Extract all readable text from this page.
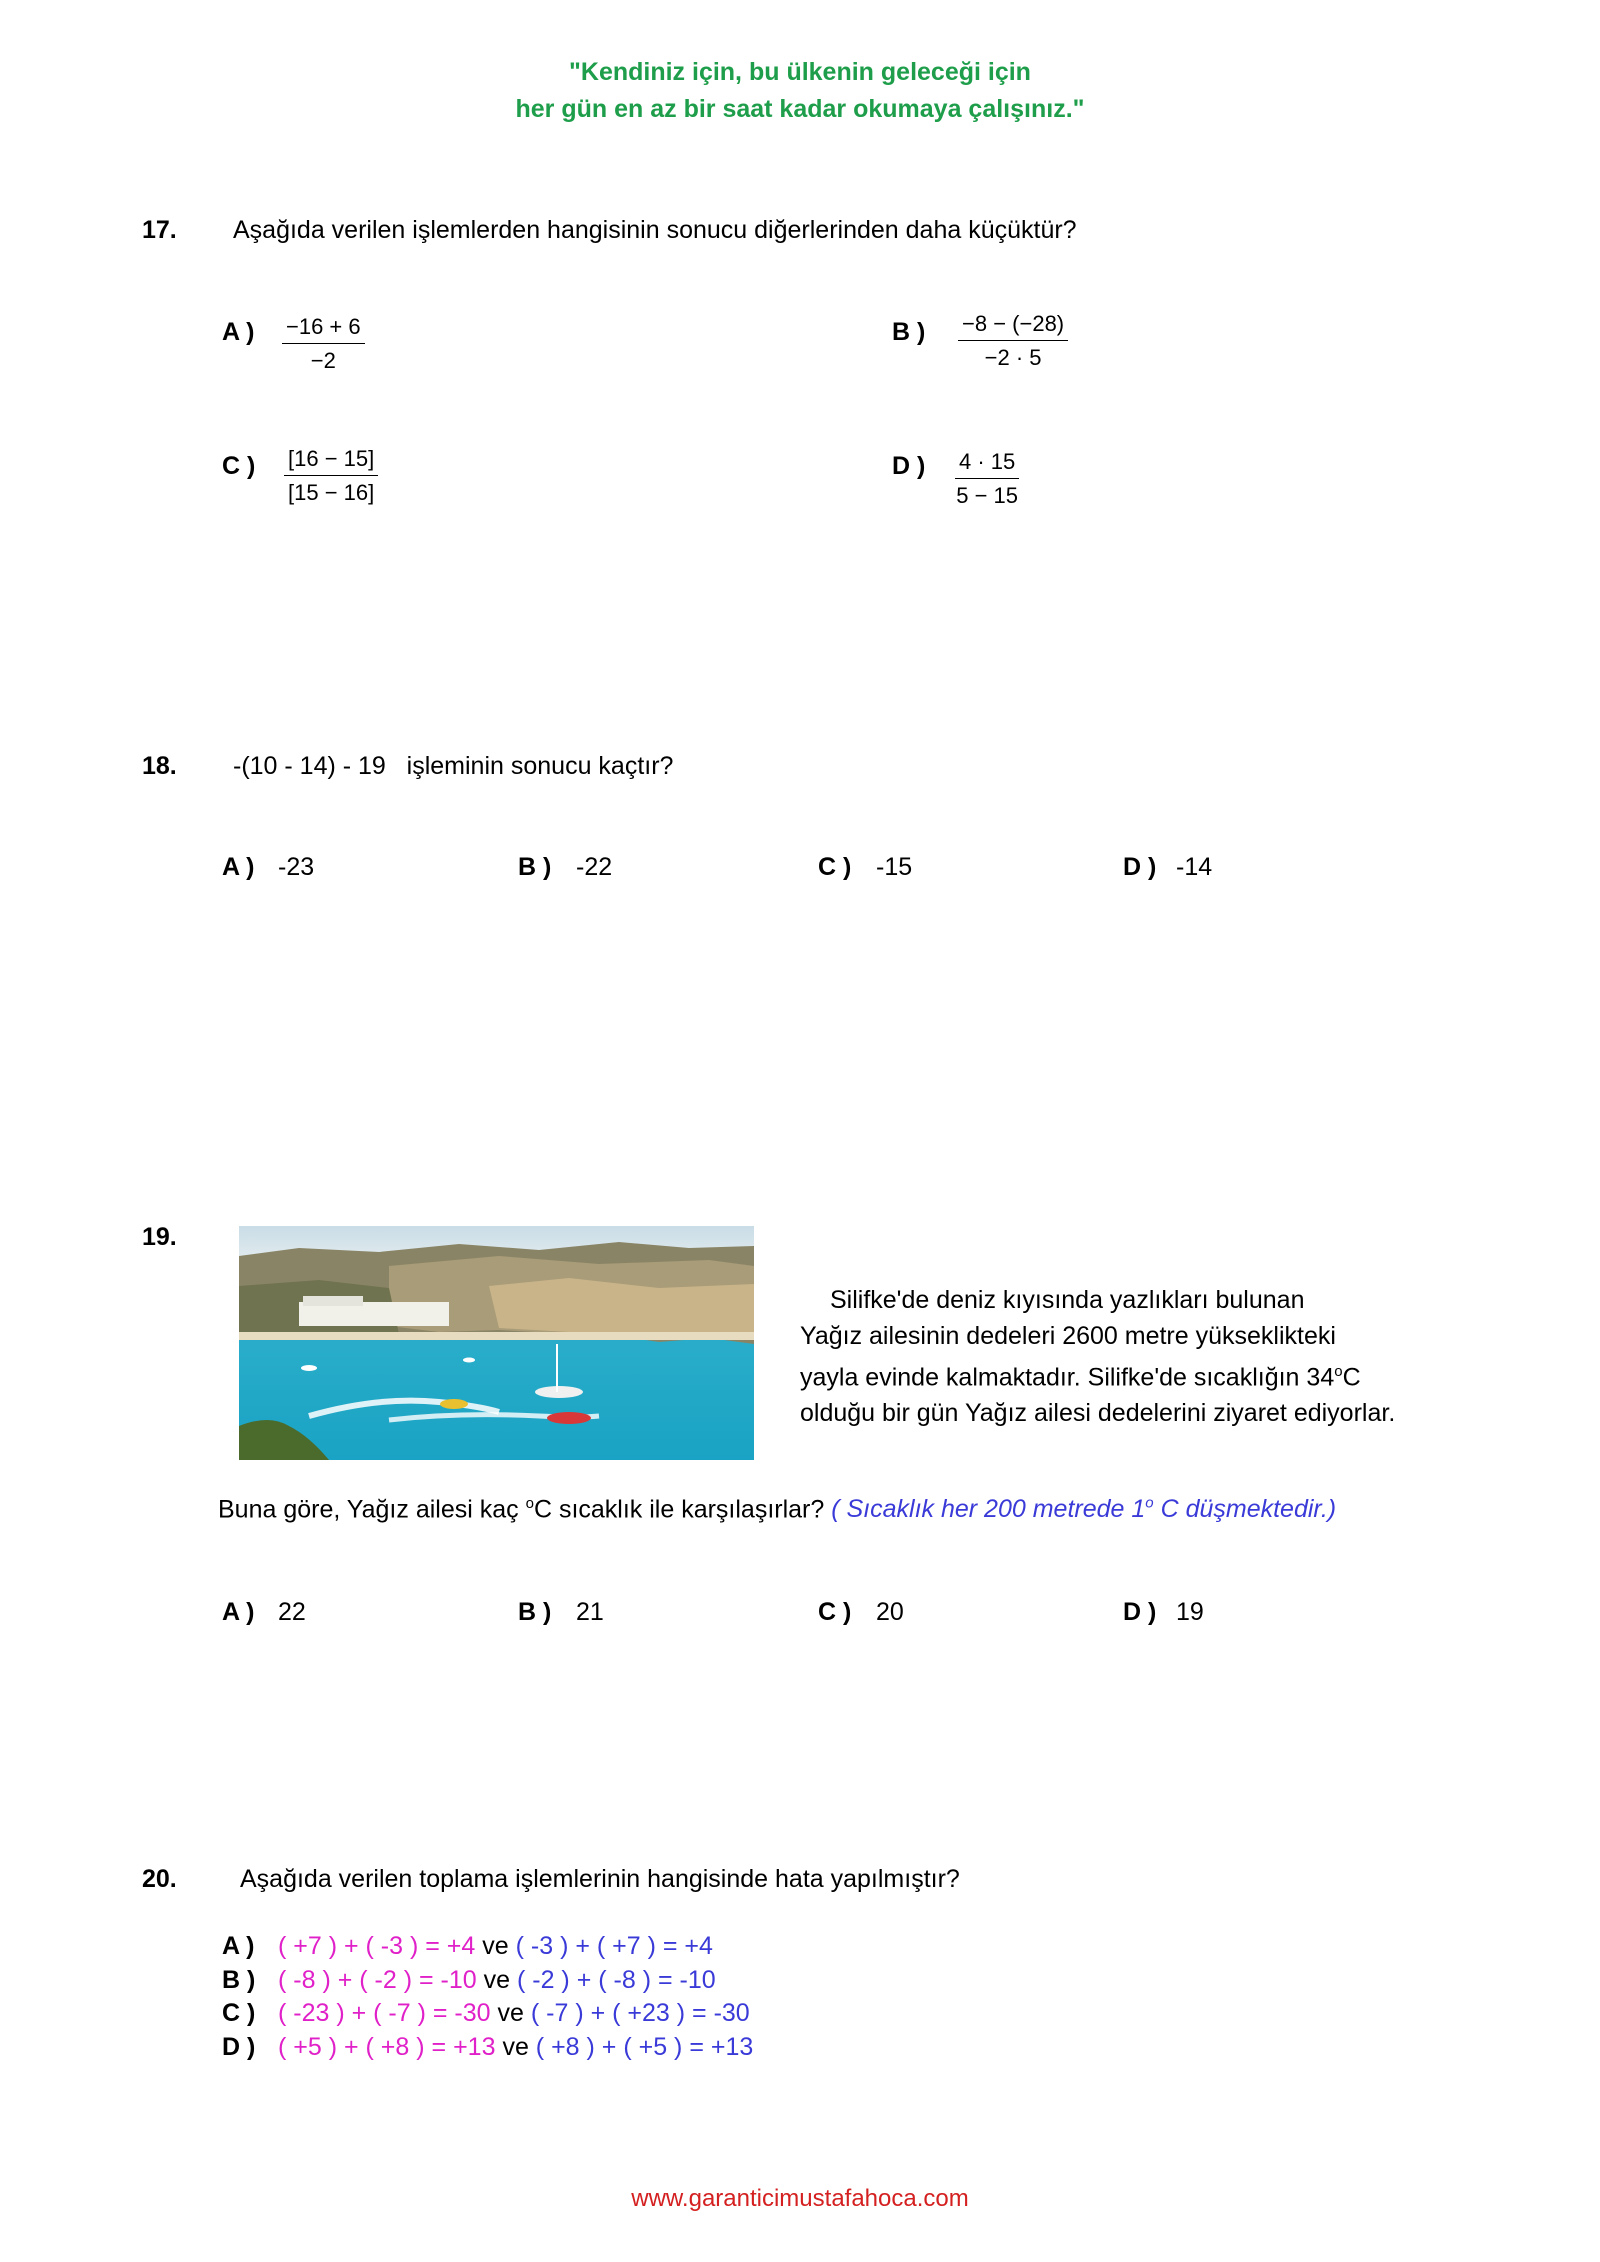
"Kendiniz için, bu ülkenin geleceği için
her gün en az bir saat kadar okumaya çalışınız."
17. Aşağıda verilen işlemlerden hangisinin sonucu diğerlerinden daha küçüktür?
A ) $\frac{-16 + 6}{-2}$	B ) $\frac{-8 - (-28)}{-2 \cdot 5}$
C ) $\frac{[16 - 15]}{[15 - 16]}$	D ) $\frac{4 \cdot 15}{5 - 15}$
18. -(10 - 14) - 19   işleminin sonucu kaçtır?
A ) -23	B ) -22	C ) -15	D ) -14
19.
Silifke'de deniz kıyısında yazlıkları bulunan
Yağız ailesinin dedeleri 2600 metre yükseklikteki
yayla evinde kalmaktadır. Silifke'de sıcaklığın 34$^o$C
olduğu bir gün Yağız ailesi dedelerini ziyaret ediyorlar.
Buna göre, Yağız ailesi kaç $^o$C sıcaklık ile karşılaşırlar? ( Sıcaklık her 200 metrede 1$^o$ C düşmektedir.)
A ) 22	B ) 21	C ) 20	D ) 19
20.	Aşağıda verilen toplama işlemlerinin hangisinde hata yapılmıştır?
A ) ( +7 ) + ( -3 ) = +4 ve ( -3 ) + ( +7 ) = +4
B ) ( -8 ) + ( -2 ) = -10 ve ( -2 ) + ( -8 ) = -10
C ) ( -23 ) + ( -7 ) = -30 ve ( -7 ) + ( +23 ) = -30
D ) ( +5 ) + ( +8 ) = +13 ve ( +8 ) + ( +5 ) = +13
www.garanticimustafahoca.com
